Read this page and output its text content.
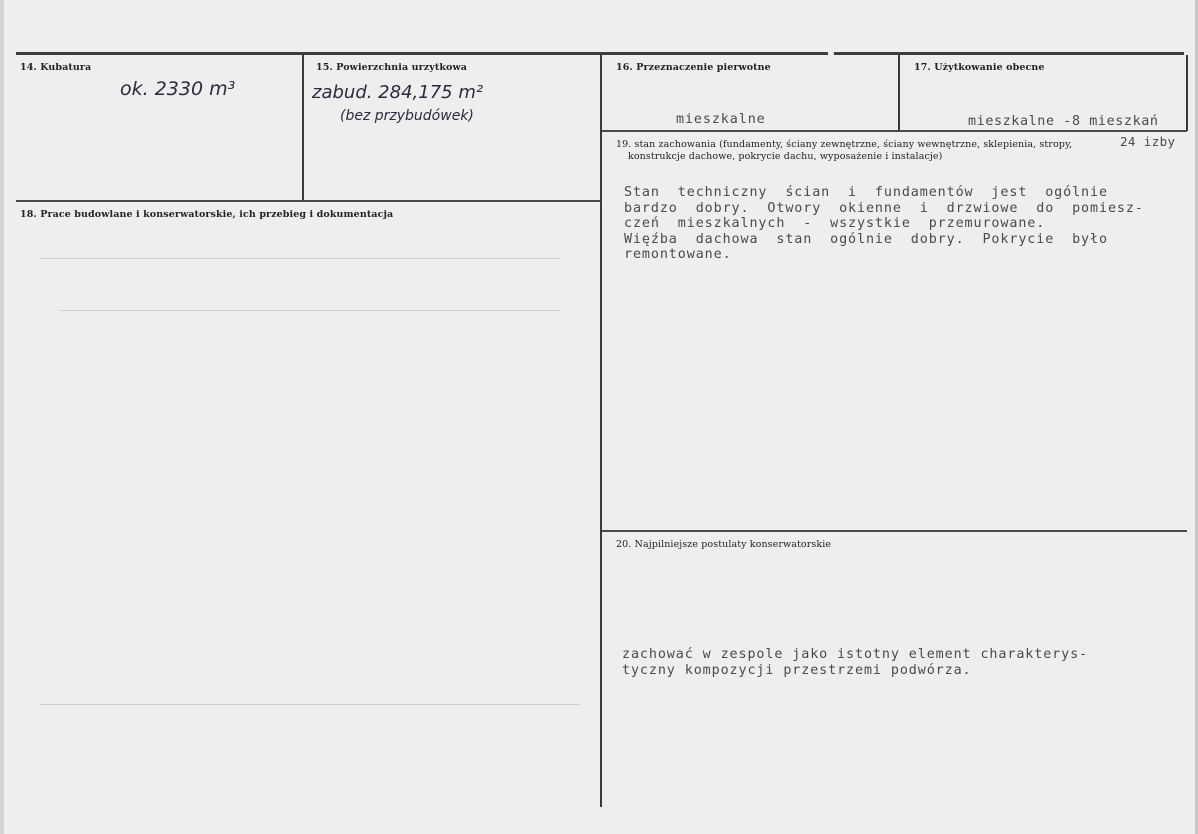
14. Kubatura
ok. 2330 m³
15. Powierzchnia urzytkowa
zabud. 284,175 m²
(bez przybudówek)
16. Przeznaczenie pierwotne
mieszkalne
17. Użytkowanie obecne
mieszkalne -8 mieszkań
24 izby
19. stan zachowania (fundamenty, ściany zewnętrzne, ściany wewnętrzne, sklepienia, stropy,
konstrukcje dachowe, pokrycie dachu, wyposażenie i instalacje)
Stan  techniczny  ścian  i  fundamentów  jest  ogólnie
bardzo  dobry.  Otwory  okienne  i  drzwiowe  do  pomiesz-
czeń  mieszkalnych  -  wszystkie  przemurowane.
Więźba  dachowa  stan  ogólnie  dobry.  Pokrycie  było
remontowane.
18. Prace budowlane i konserwatorskie, ich przebieg i dokumentacja
20. Najpilniejsze postulaty konserwatorskie
zachować w zespole jako istotny element charakterys-
tyczny kompozycji przestrzemi podwórza.
